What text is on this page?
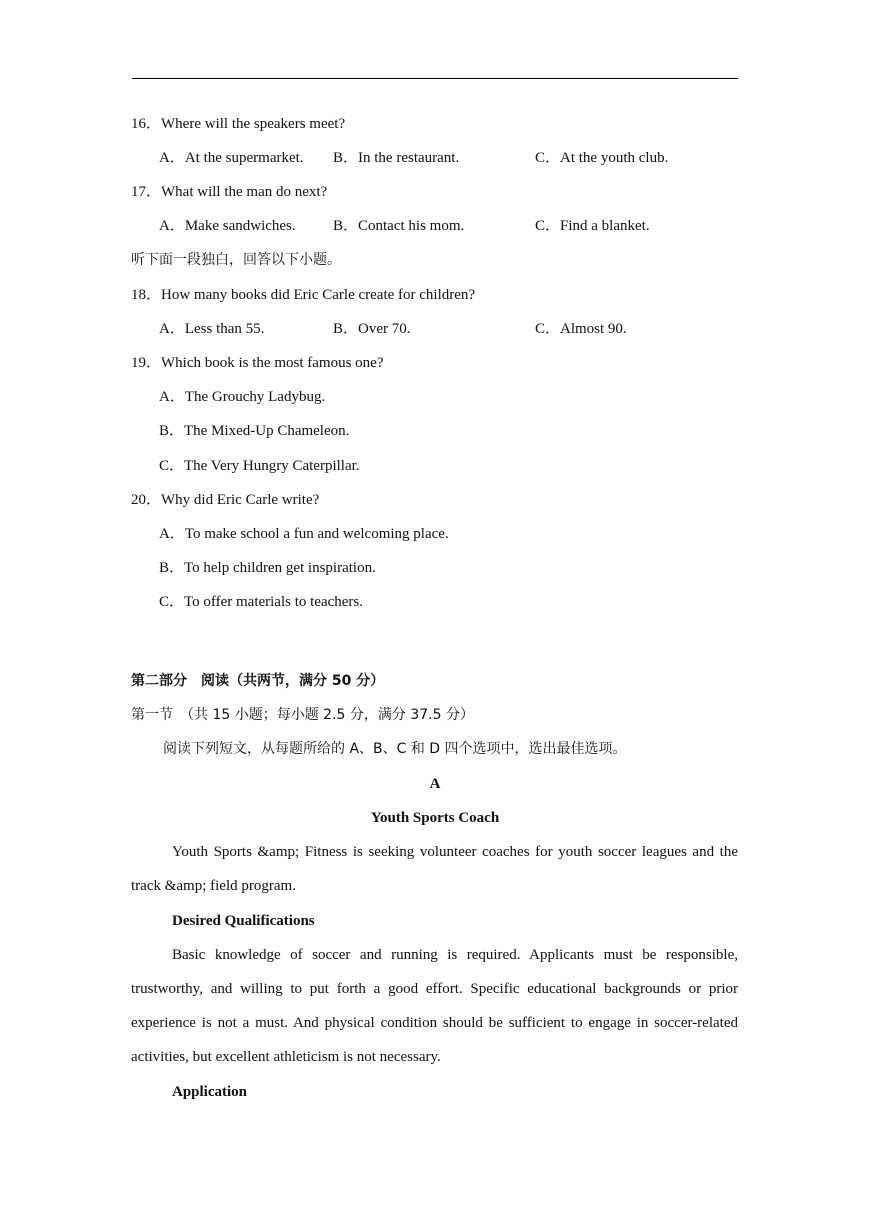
16．Where will the speakers meet?
A．At the supermarket. B．In the restaurant.	C．At the youth club.
17．What will the man do next?
A．Make sandwiches. B．Contact his mom.	C．Find a blanket.
听下面一段独白，回答以下小题。
18．How many books did Eric Carle create for children?
A．Less than 55.	B．Over 70.	C．Almost 90.
19．Which book is the most famous one?
A．The Grouchy Ladybug.
B．The Mixed-Up Chameleon.
C．The Very Hungry Caterpillar.
20．Why did Eric Carle write?
A．To make school a fun and welcoming place.
B．To help children get inspiration.
C．To offer materials to teachers.
第二部分　阅读（共两节，满分 50 分）
第一节　（共 15 小题；每小题 2.5 分，满分 37.5 分）
阅读下列短文，从每题所给的 A、B、C 和 D 四个选项中，选出最佳选项。
A
Youth Sports Coach
Youth Sports &amp; Fitness is seeking volunteer coaches for youth soccer leagues and the track &amp; field program.
Desired Qualifications
Basic knowledge of soccer and running is required. Applicants must be responsible, trustworthy, and willing to put forth a good effort. Specific educational backgrounds or prior experience is not a must. And physical condition should be sufficient to engage in soccer-related activities, but excellent athleticism is not necessary.
Application
